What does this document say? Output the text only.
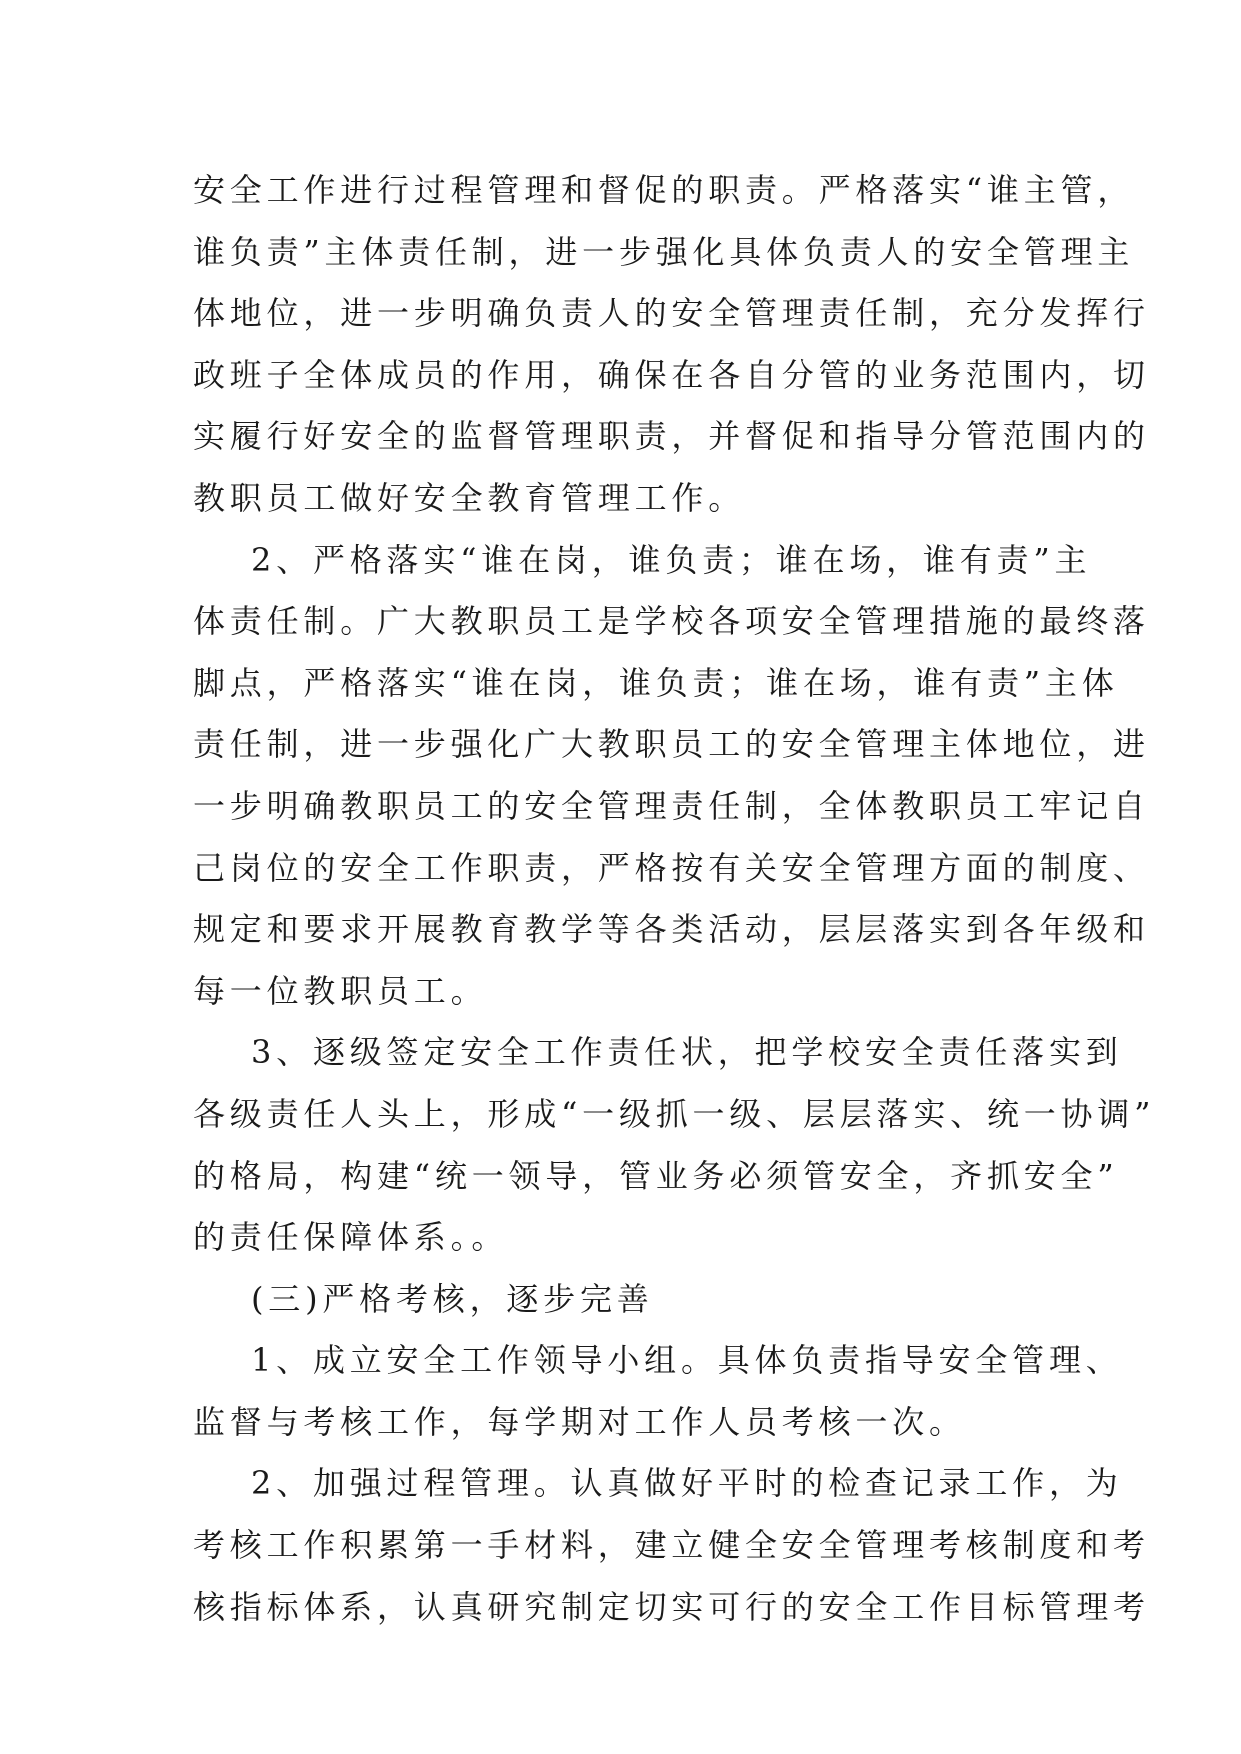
安全工作进行过程管理和督促的职责。严格落实“谁主管，
谁负责”主体责任制，进一步强化具体负责人的安全管理主
体地位，进一步明确负责人的安全管理责任制，充分发挥行
政班子全体成员的作用，确保在各自分管的业务范围内，切
实履行好安全的监督管理职责，并督促和指导分管范围内的
教职员工做好安全教育管理工作。
2、严格落实“谁在岗，谁负责；谁在场，谁有责”主
体责任制。广大教职员工是学校各项安全管理措施的最终落
脚点，严格落实“谁在岗，谁负责；谁在场，谁有责”主体
责任制，进一步强化广大教职员工的安全管理主体地位，进
一步明确教职员工的安全管理责任制，全体教职员工牢记自
己岗位的安全工作职责，严格按有关安全管理方面的制度、
规定和要求开展教育教学等各类活动，层层落实到各年级和
每一位教职员工。
3、逐级签定安全工作责任状，把学校安全责任落实到
各级责任人头上，形成“一级抓一级、层层落实、统一协调”
的格局，构建“统一领导，管业务必须管安全，齐抓安全”
的责任保障体系。。
(三)严格考核，逐步完善
1、成立安全工作领导小组。具体负责指导安全管理、
监督与考核工作，每学期对工作人员考核一次。
2、加强过程管理。认真做好平时的检查记录工作，为
考核工作积累第一手材料，建立健全安全管理考核制度和考
核指标体系，认真研究制定切实可行的安全工作目标管理考
